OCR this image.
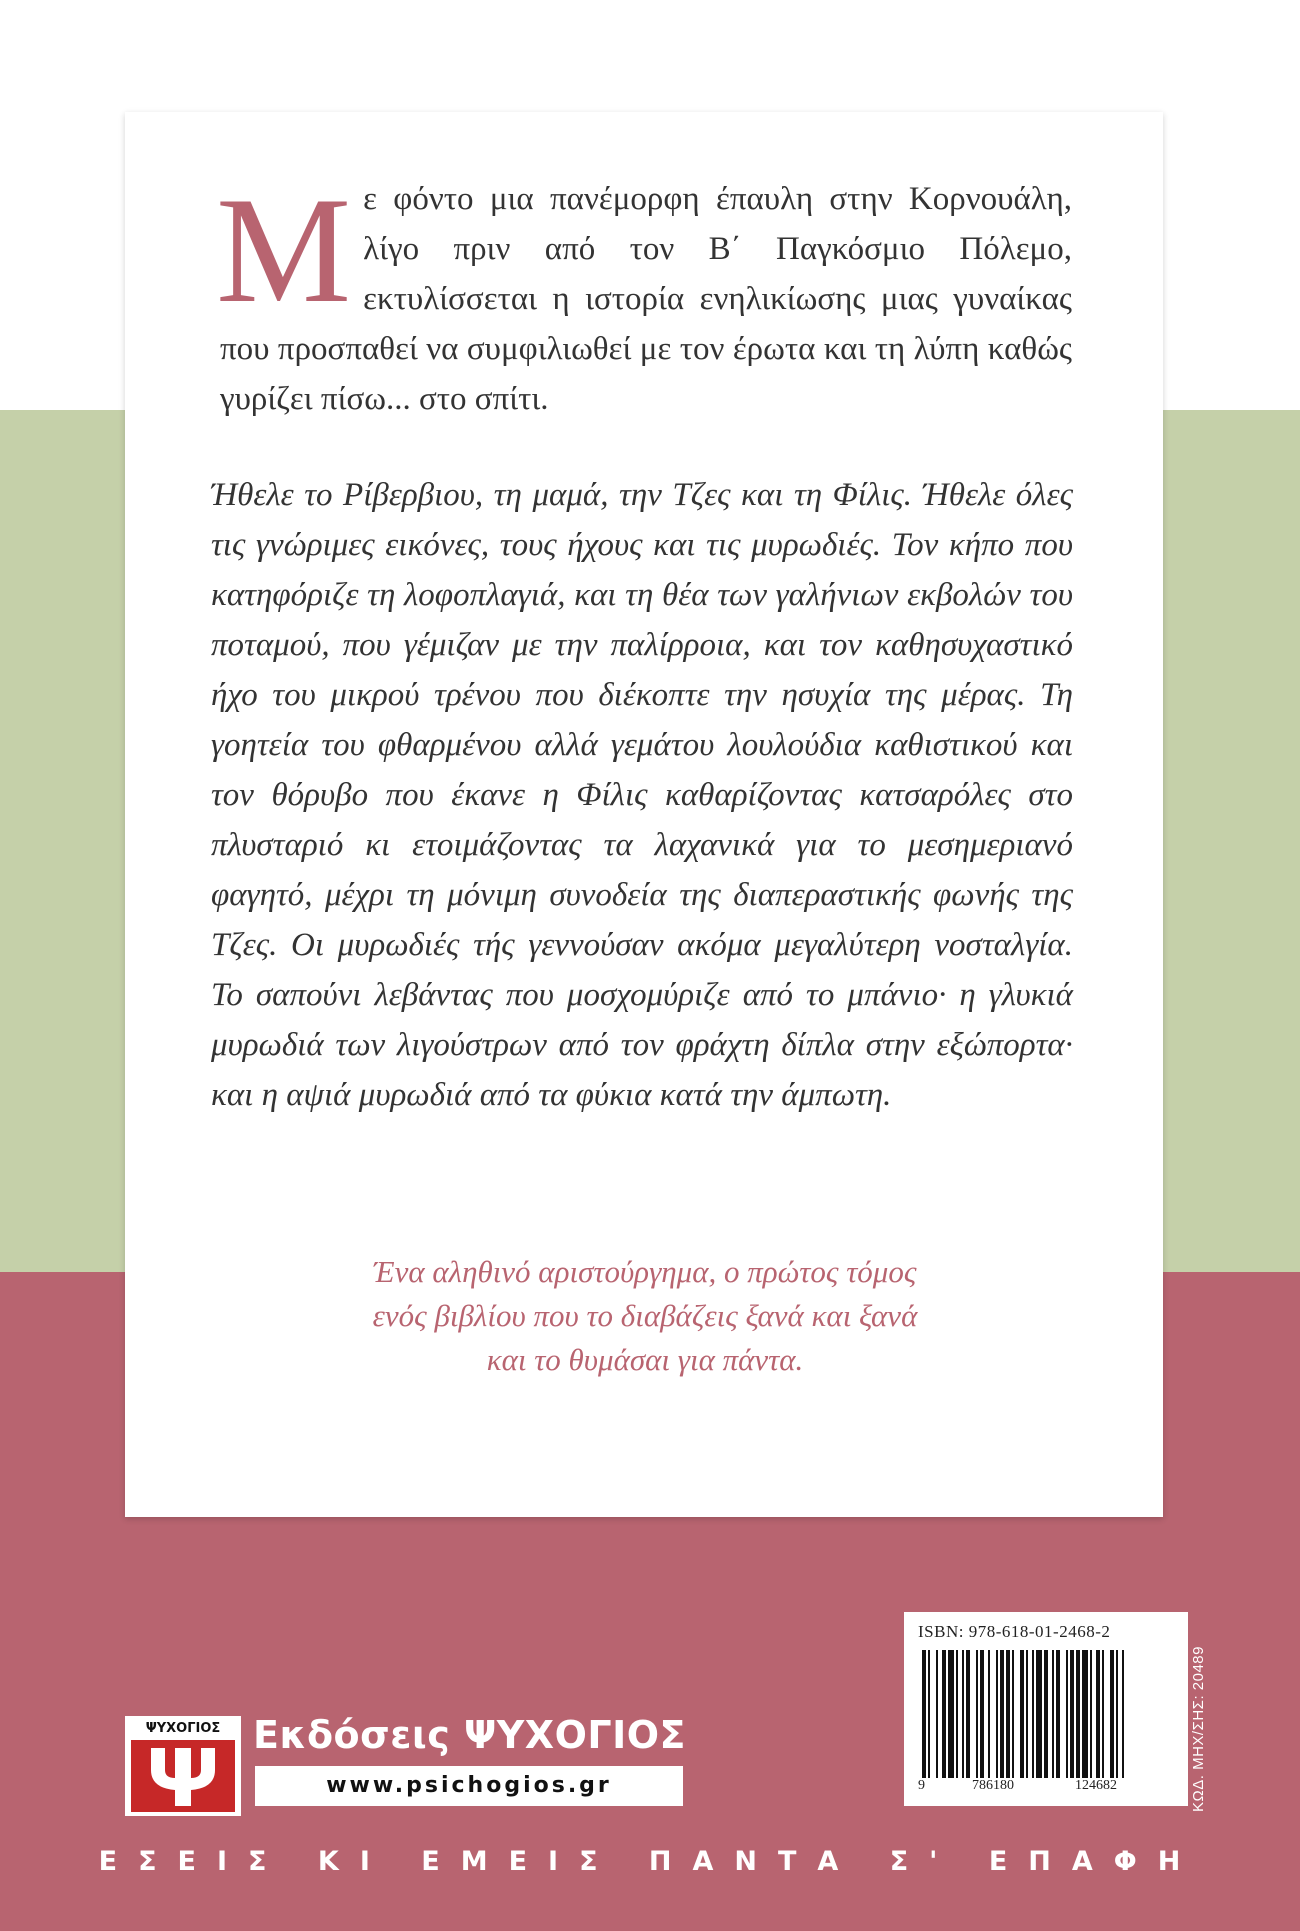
Μ ε φόντο μια πανέμορφη έπαυλη στην Κορνουάλη, λίγο πριν από τον Β΄ Παγκόσμιο Πόλεμο, εκτυλίσσεται η ιστορία ενηλικίωσης μιας γυναίκας που προσπαθεί να συμφιλιωθεί με τον έρωτα και τη λύπη καθώς γυρίζει πίσω... στο σπίτι.

Ήθελε το Ρίβερβιου, τη μαμά, την Τζες και τη Φίλις. Ήθελε όλες τις γνώριμες εικόνες, τους ήχους και τις μυρωδιές. Τον κήπο που κατηφόριζε τη λοφοπλαγιά, και τη θέα των γαλήνιων εκβολών του ποταμού, που γέμιζαν με την παλίρροια, και τον καθησυχαστικό ήχο του μικρού τρένου που διέκοπτε την ησυχία της μέρας. Τη γοητεία του φθαρμένου αλλά γεμάτου λουλούδια καθιστικού και τον θόρυβο που έκανε η Φίλις καθαρίζοντας κατσαρόλες στο πλυσταριό κι ετοιμάζοντας τα λαχανικά για το μεσημεριανό φαγητό, μέχρι τη μόνιμη συνοδεία της διαπεραστικής φωνής της Τζες. Οι μυρωδιές τής γεννούσαν ακόμα μεγαλύτερη νοσταλγία. Το σαπούνι λεβάντας που μοσχομύριζε από το μπάνιο· η γλυκιά μυρωδιά των λιγούστρων από τον φράχτη δίπλα στην εξώπορτα· και η αψιά μυρωδιά από τα φύκια κατά την άμπωτη.

Ένα αληθινό αριστούργημα, ο πρώτος τόμος
ενός βιβλίου που το διαβάζεις ξανά και ξανά
και το θυμάσαι για πάντα.
ISBN: 978-618-01-2468-2
9	786180	124682	ΚΩΔ. ΜΗΧ/ΣΗΣ: 20489
ΨΥΧΟΓΙΟΣ Εκδόσεις ΨΥΧΟΓΙΟΣ
www.psichogios.gr
ΕΣΕΙΣ ΚΙ ΕΜΕΙΣ ΠΑΝΤΑ Σ' ΕΠΑΦΗ
